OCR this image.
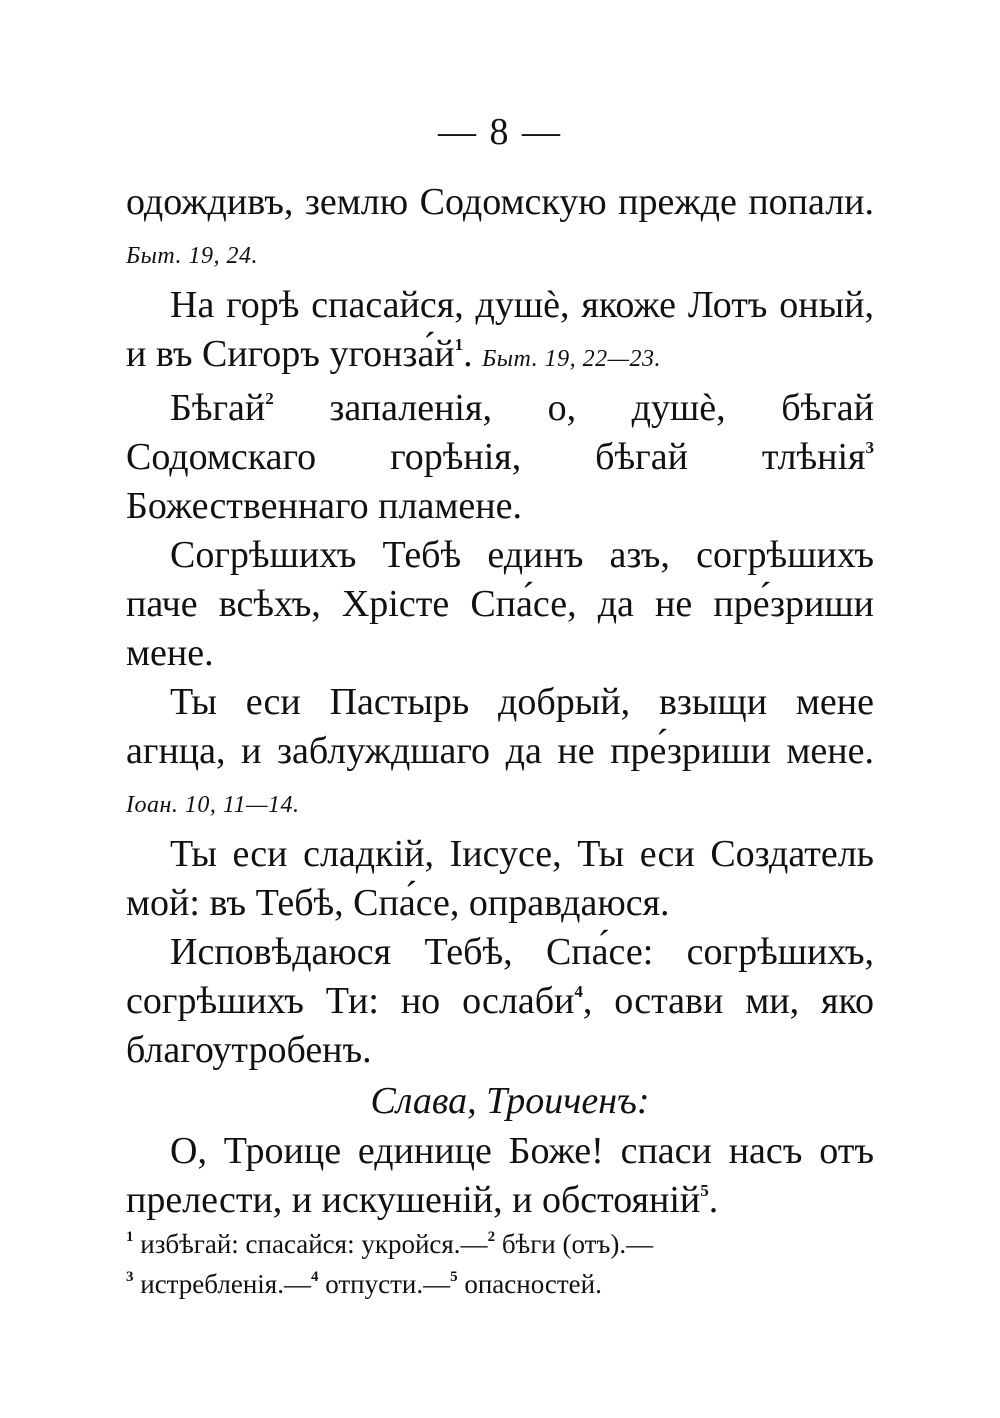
— 8 —

одождивъ, землю Содомскую прежде попали. Быт. 19, 24.

На горѣ спасайся, душѐ, якоже Лотъ оный, и въ Сигоръ угонза́й$^1$. Быт. 19, 22—23.

Бѣгай$^2$ запаленія, о, душѐ, бѣгай Содомскаго горѣнія, бѣгай тлѣнія$^3$ Божественнаго пламене.

Согрѣшихъ Тебѣ единъ азъ, согрѣшихъ паче всѣхъ, Хрісте Спа́се, да не пре́зриши мене.

Ты еси Пастырь добрый, взыщи мене агнца, и заблуждшаго да не пре́зриши мене. Іоан. 10, 11—14.

Ты еси сладкій, Іисусе, Ты еси Создатель мой: въ Тебѣ, Спа́се, оправдаюся.

Исповѣдаюся Тебѣ, Спа́се: согрѣшихъ, согрѣшихъ Ти: но ослаби$^4$, остави ми, яко благоутробенъ.

Слава, Троиченъ:

О, Троице единице Боже! спаси насъ отъ прелести, и искушеній, и обстояній$^5$.

$^1$ избѣгай: спасайся: укройся.—$^2$ бѣги (отъ).—
$^3$ истребленія.—$^4$ отпусти.—$^5$ опасностей.
